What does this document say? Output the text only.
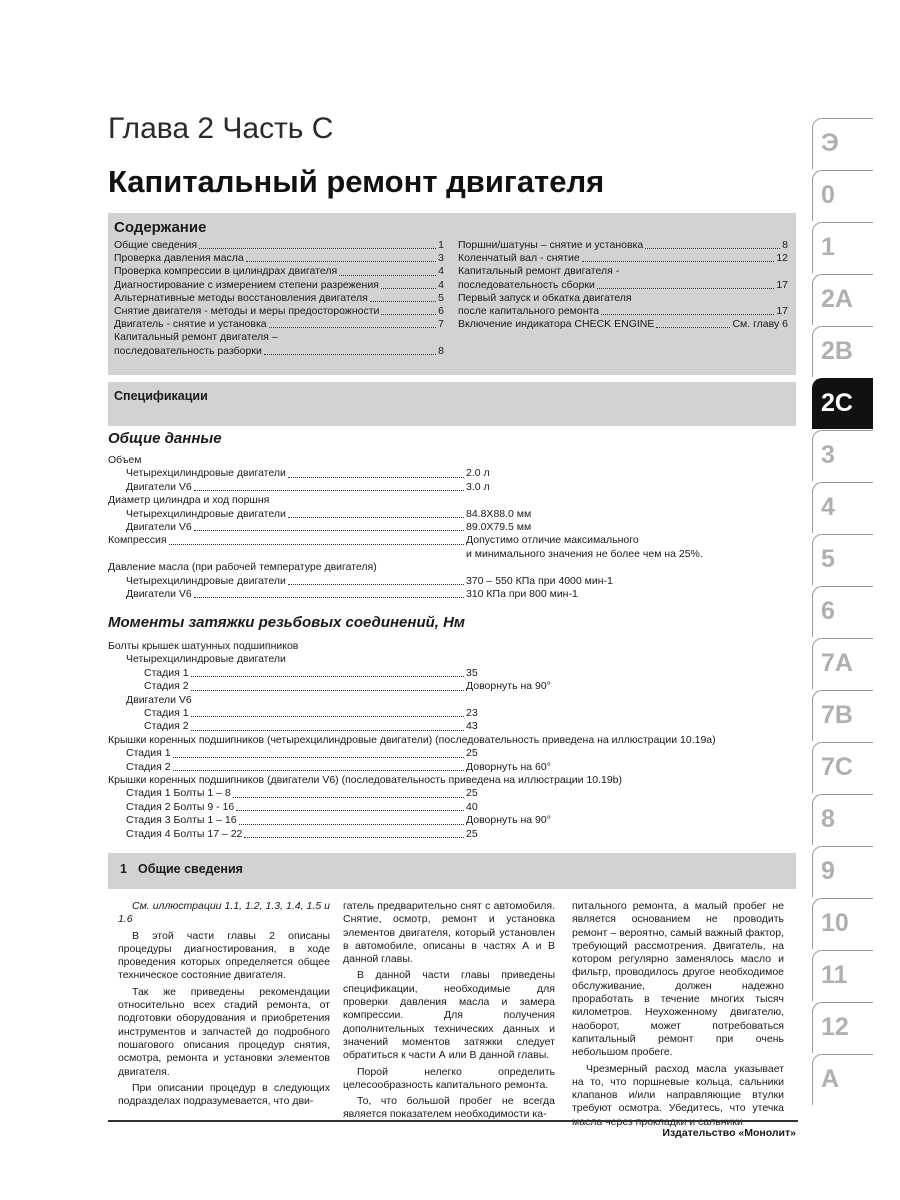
Глава 2 Часть С
Капитальный ремонт двигателя
Содержание
Общие сведения	1
Проверка давления масла	3
Проверка компрессии в цилиндрах двигателя	4
Диагностирование с измерением степени разрежения	4
Альтернативные методы восстановления двигателя	5
Снятие двигателя - методы и меры предосторожности	6
Двигатель - снятие и установка	7
Капитальный ремонт двигателя –
последовательность разборки	8
Поршни/шатуны – снятие и установка	8
Коленчатый вал - снятие	12
Капитальный ремонт двигателя -
последовательность сборки	17
Первый запуск и обкатка двигателя
после капитального ремонта	17
Включение индикатора CHECK ENGINE	См. главу 6
Спецификации
Общие данные
Объем
Четырехцилиндровые двигатели	2.0 л
Двигатели V6	3.0 л
Диаметр цилиндра и ход поршня
Четырехцилиндровые двигатели	84.8Х88.0 мм
Двигатели V6	89.0Х79.5 мм
Компрессия	Допустимо отличие максимального
и минимального значения не более чем на 25%.
Давление масла (при рабочей температуре двигателя)
Четырехцилиндровые двигатели	370 – 550 КПа при 4000 мин-1
Двигатели V6	310 КПа при 800 мин-1
Моменты затяжки резьбовых соединений, Нм
Болты крышек шатунных подшипников
Четырехцилиндровые двигатели
Стадия 1	35
Стадия 2	Доворнуть на 90°
Двигатели V6
Стадия 1	23
Стадия 2	43
Крышки коренных подшипников (четырехцилиндровые двигатели) (последовательность приведена на иллюстрации 10.19а)
Стадия 1	25
Стадия 2	Доворнуть на 60°
Крышки коренных подшипников (двигатели V6) (последовательность приведена на иллюстрации 10.19b)
Стадия 1 Болты 1 – 8	25
Стадия 2 Болты 9 - 16	40
Стадия 3 Болты 1 – 16	Доворнуть на 90°
Стадия 4 Болты 17 – 22	25
1 Общие сведения

См. иллюстрации 1.1, 1.2, 1.3, 1.4, 1.5 и 1.6

В этой части главы 2 описаны процедуры диагностирования, в ходе проведения которых определяется общее техническое состояние двигателя.

Так же приведены рекомендации относительно всех стадий ремонта, от подготовки оборудования и приобретения инструментов и запчастей до подробного пошагового описания процедур снятия, осмотра, ремонта и установки элементов двигателя.

При описании процедур в следующих подразделах подразумевается, что дви-

гатель предварительно снят с автомобиля. Снятие, осмотр, ремонт и установка элементов двигателя, который установлен в автомобиле, описаны в частях А и В данной главы.

В данной части главы приведены спецификации, необходимые для проверки давления масла и замера компрессии. Для получения дополнительных технических данных и значений моментов затяжки следует обратиться к части А или В данной главы.

Порой нелегко определить целесообразность капитального ремонта.

То, что большой пробег не всегда является показателем необходимости ка-

питального ремонта, а малый пробег не является основанием не проводить ремонт – вероятно, самый важный фактор, требующий рассмотрения. Двигатель, на котором регулярно заменялось масло и фильтр, проводилось другое необходимое обслуживание, должен надежно проработать в течение многих тысяч километров. Неухоженному двигателю, наоборот, может потребоваться капитальный ремонт при очень небольшом пробеге.

Чрезмерный расход масла указывает на то, что поршневые кольца, сальники клапанов и/или направляющие втулки требуют осмотра. Убедитесь, что утечка

Издательство «Монолит»
Э
0
1
2А
2В
2С
3
4
5
6
7А
7В
7С
8
9
10
11
12
А
